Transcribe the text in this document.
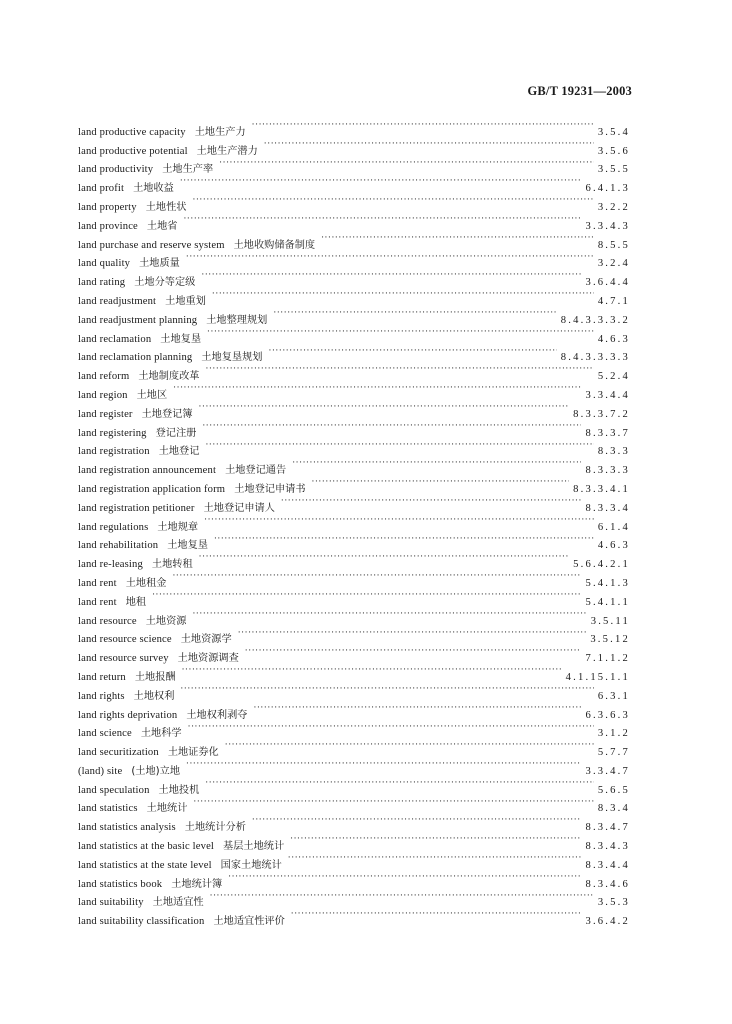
GB/T 19231—2003
land productive capacity 土地生产力 ·····	3.5.4
land productive potential 土地生产潜力 ·····	3.5.6
land productivity 土地生产率 ·····	3.5.5
land profit 土地收益 ·····	6.4.1.3
land property 土地性状 ·····	3.2.2
land province 土地省 ·····	3.3.4.3
land purchase and reserve system 土地收购储备制度 ·····	8.5.5
land quality 土地质量 ·····	3.2.4
land rating 土地分等定级 ·····	3.6.4.4
land readjustment 土地重划 ·····	4.7.1
land readjustment planning 土地整理规划 ·····	8.4.3.3.3.2
land reclamation 土地复垦 ·····	4.6.3
land reclamation planning 土地复垦规划 ·····	8.4.3.3.3.3
land reform 土地制度改革 ·····	5.2.4
land region 土地区 ·····	3.3.4.4
land register 土地登记簿 ·····	8.3.3.7.2
land registering 登记注册 ·····	8.3.3.7
land registration 土地登记 ·····	8.3.3
land registration announcement 土地登记通告 ·····	8.3.3.3
land registration application form 土地登记申请书 ·····	8.3.3.4.1
land registration petitioner 土地登记申请人 ·····	8.3.3.4
land regulations 土地规章 ·····	6.1.4
land rehabilitation 土地复垦 ·····	4.6.3
land re-leasing 土地转租 ·····	5.6.4.2.1
land rent 土地租金 ·····	5.4.1.3
land rent 地租 ·····	5.4.1.1
land resource 土地资源 ·····	3.5.11
land resource science 土地资源学 ·····	3.5.12
land resource survey 土地资源调查 ·····	7.1.1.2
land return 土地报酬 ·····	4.1.15.1.1
land rights 土地权利 ·····	6.3.1
land rights deprivation 土地权利剥夺 ·····	6.3.6.3
land science 土地科学 ·····	3.1.2
land securitization 土地证券化 ·····	5.7.7
(land) site (土地)立地 ·····	3.3.4.7
land speculation 土地投机 ·····	5.6.5
land statistics 土地统计 ·····	8.3.4
land statistics analysis 土地统计分析 ·····	8.3.4.7
land statistics at the basic level 基层土地统计 ·····	8.3.4.3
land statistics at the state level 国家土地统计 ·····	8.3.4.4
land statistics book 土地统计簿 ·····	8.3.4.6
land suitability 土地适宜性 ·····	3.5.3
land suitability classification 土地适宜性评价 ·····	3.6.4.2
